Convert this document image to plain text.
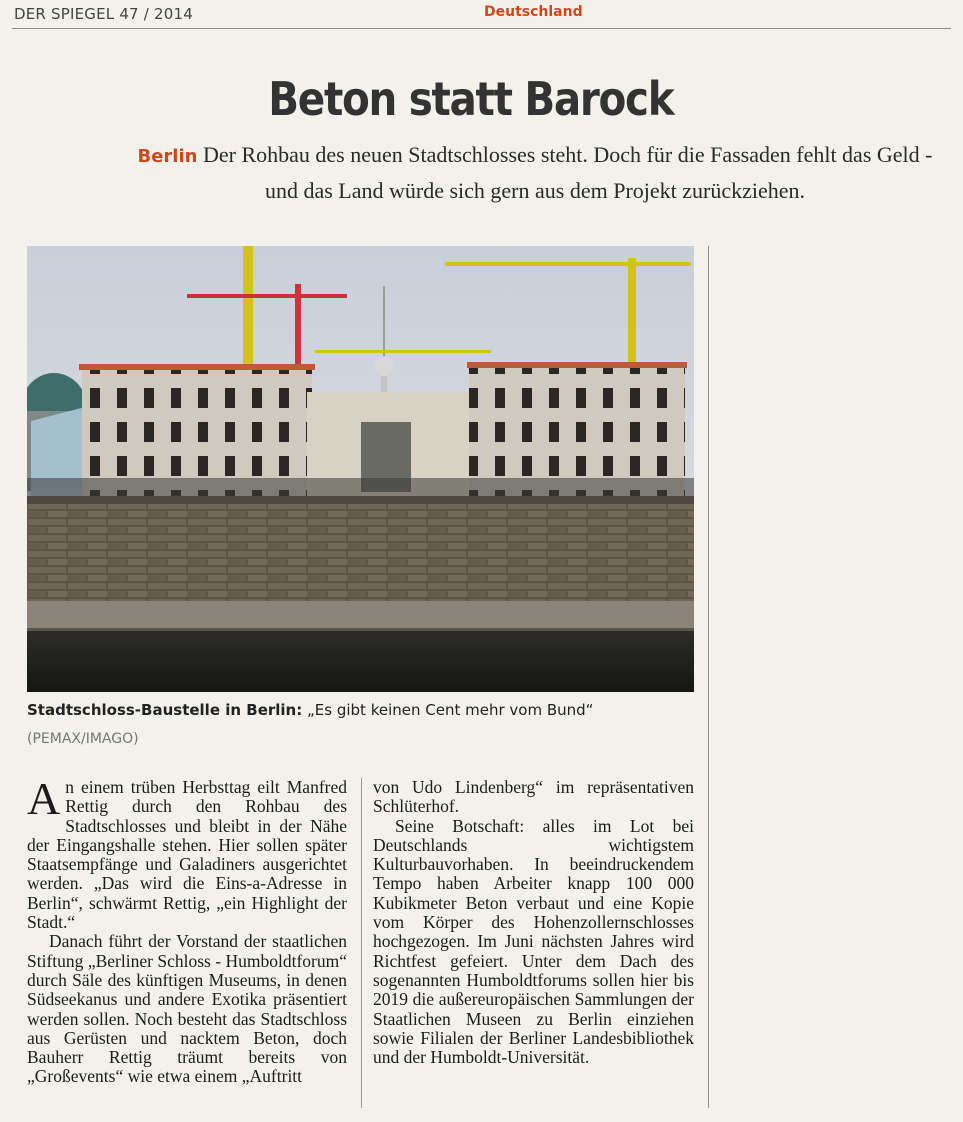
DER SPIEGEL 47 / 2014	Deutschland
Beton statt Barock
Berlin Der Rohbau des neuen Stadtschlosses steht. Doch für die Fassaden fehlt das Geld - und das Land würde sich gern aus dem Projekt zurückziehen.
Stadtschloss-Baustelle in Berlin: „Es gibt keinen Cent mehr vom Bund“
(PEMAX/IMAGO)

An einem trüben Herbsttag eilt Manfred Rettig durch den Rohbau des Stadtschlosses und bleibt in der Nähe der Eingangshalle stehen. Hier sollen später Staatsempfänge und Galadiners ausgerichtet werden. „Das wird die Eins-a-Adresse in Berlin“, schwärmt Rettig, „ein Highlight der Stadt.“

Danach führt der Vorstand der staatlichen Stiftung „Berliner Schloss - Humboldtforum“ durch Säle des künftigen Museums, in denen Südseekanus und andere Exotika präsentiert werden sollen. Noch besteht das Stadtschloss aus Gerüsten und nacktem Beton, doch Bauherr Rettig träumt bereits von „Großevents“ wie etwa einem „Auftritt

von Udo Lindenberg“ im repräsentativen Schlüterhof.

Seine Botschaft: alles im Lot bei Deutschlands wichtigstem Kulturbauvorhaben. In beeindruckendem Tempo haben Arbeiter knapp 100 000 Kubikmeter Beton verbaut und eine Kopie vom Körper des Hohenzollernschlosses hochgezogen. Im Juni nächsten Jahres wird Richtfest gefeiert. Unter dem Dach des sogenannten Humboldtforums sollen hier bis 2019 die außereuropäischen Sammlungen der Staatlichen Museen zu Berlin einziehen sowie Filialen der Berliner Landesbibliothek und der Humboldt-Universität.
